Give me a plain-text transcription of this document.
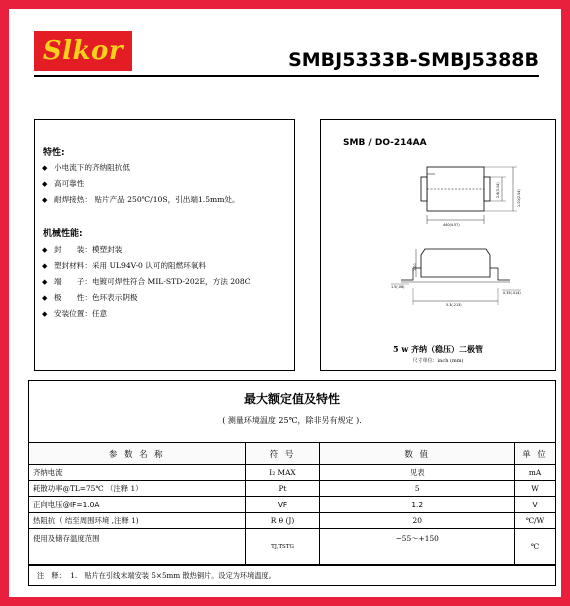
Slkor	SMBJ5333B-SMBJ5388B
特性:
◆ 小电流下的齐纳阻抗低
◆ 高可靠性
◆ 耐焊接热： 贴片产品 250℃/10S，引出端1.5mm处。
机械性能:
◆ 封　　装：模塑封装
◆ 塑封材料：采用 UL94V-0 认可的阻燃环氧料
◆ 端　　子：电镀可焊性符合 MIL-STD-202E，方法 208C
◆ 极　　性：色环表示阴极
◆ 安装位置：任意
SMB / DO-214AA
440(4.57)
2.8(3.04)	1.00(2.54)
1.00
1.5(.06)
5.3(.213)
0.35(.014)
5 w 齐纳（稳压）二极管
尺寸单位：inch (mm)
最大额定值及特性
( 测量环境温度 25℃，除非另有规定 ).
参 数 名 称	符 号	数 值	单 位
齐纳电流	I₂ MAX	见表	mA
耗散功率@TL=75℃ （注释 1）	Pt	5	W
正向电压@IF=1.0A	VF	1.2	V
热阻抗（ 结至周围环境 ,注释 1)	R θ (J)	20	℃/W
使用及储存温度范围	TJ,TSTG	−55～+150	℃
注　释： 1.　贴片在引线末端安装 5×5mm 散热铜片。设定为环境温度。
